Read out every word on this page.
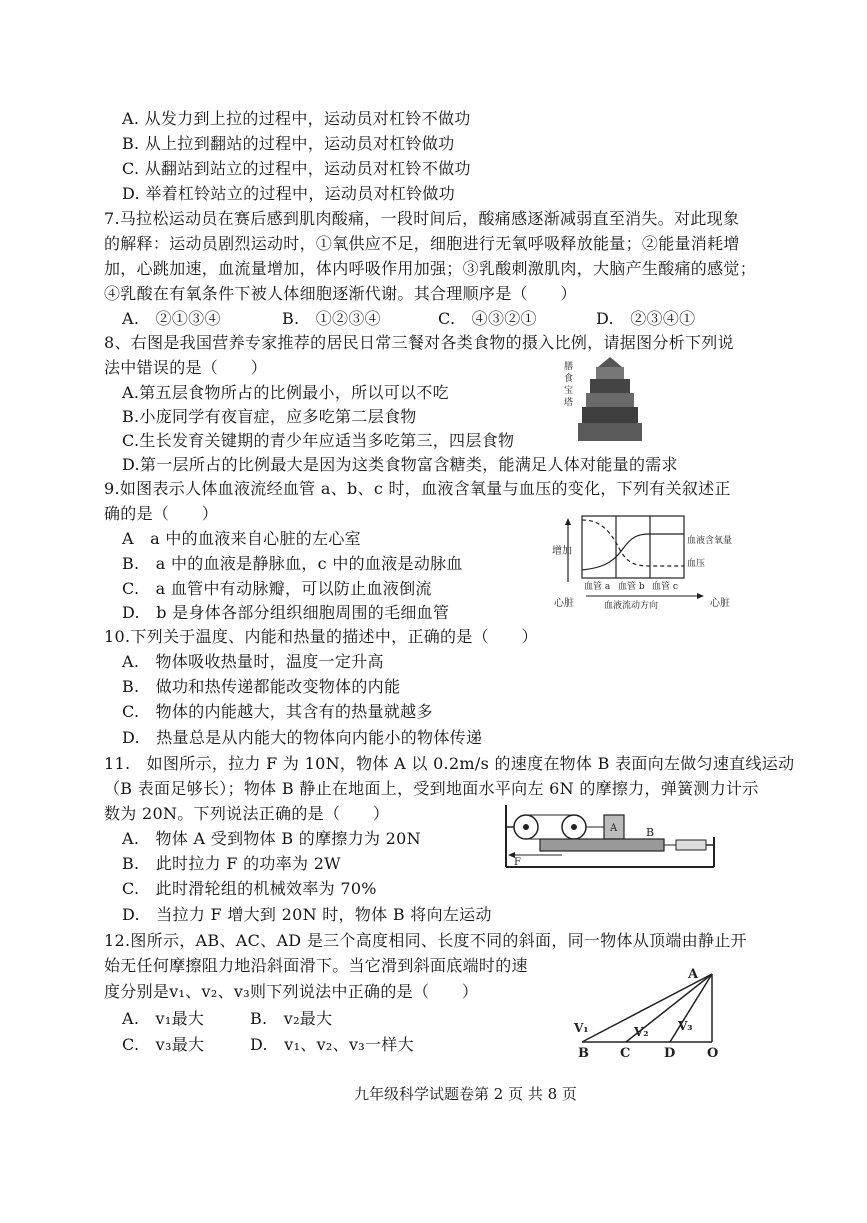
A. 从发力到上拉的过程中，运动员对杠铃不做功
B. 从上拉到翻站的过程中，运动员对杠铃做功
C. 从翻站到站立的过程中，运动员对杠铃不做功
D. 举着杠铃站立的过程中，运动员对杠铃做功
7.马拉松运动员在赛后感到肌肉酸痛，一段时间后，酸痛感逐渐减弱直至消失。对此现象
的解释：运动员剧烈运动时，①氧供应不足，细胞进行无氧呼吸释放能量；②能量消耗增
加，心跳加速，血流量增加，体内呼吸作用加强；③乳酸刺激肌肉，大脑产生酸痛的感觉；
④乳酸在有氧条件下被人体细胞逐渐代谢。其合理顺序是（　　）
A.　②①③④	B.　①②③④	C.　④③②①	D.　②③④①
8、右图是我国营养专家推荐的居民日常三餐对各类食物的摄入比例，请据图分析下列说
法中错误的是（　　）
A.第五层食物所占的比例最小，所以可以不吃
B.小庞同学有夜盲症，应多吃第二层食物
C.生长发育关键期的青少年应适当多吃第三，四层食物
D.第一层所占的比例最大是因为这类食物富含糖类，能满足人体对能量的需求
膳
食
宝
塔
9.如图表示人体血液流经血管 a、b、c 时，血液含氧量与血压的变化，下列有关叙述正
确的是（　　）
A　a 中的血液来自心脏的左心室
B.　a 中的血液是静脉血，c 中的血液是动脉血
C.　a 血管中有动脉瓣，可以防止血液倒流
D.　b 是身体各部分组织细胞周围的毛细血管
增加
血液含氧量
血压
血管 a 血管 b 血管 c
心脏	血液流动方向	心脏
10.下列关于温度、内能和热量的描述中，正确的是（　　）
A.　物体吸收热量时，温度一定升高
B.　做功和热传递都能改变物体的内能
C.　物体的内能越大，其含有的热量就越多
D.　热量总是从内能大的物体向内能小的物体传递
11.　如图所示，拉力 F 为 10N，物体 A 以 0.2m/s 的速度在物体 B 表面向左做匀速直线运动
（B 表面足够长）；物体 B 静止在地面上，受到地面水平向左 6N 的摩擦力，弹簧测力计示
数为 20N。下列说法正确的是（　　）
A.　物体 A 受到物体 B 的摩擦力为 20N
B.　此时拉力 F 的功率为 2W
C.　此时滑轮组的机械效率为 70%
D.　当拉力 F 增大到 20N 时，物体 B 将向左运动
A	B
F
12.图所示，AB、AC、AD 是三个高度相同、长度不同的斜面，同一物体从顶端由静止开
始无任何摩擦阻力地沿斜面滑下。当它滑到斜面底端时的速
度分别是v₁、v₂、v₃则下列说法中正确的是（　　）
A.　v₁最大	B.　v₂最大
C.　v₃最大	D.　v₁、v₂、v₃一样大
A
B C	D O
V₁	V₂ V₃
九年级科学试题卷第 2 页 共 8 页
